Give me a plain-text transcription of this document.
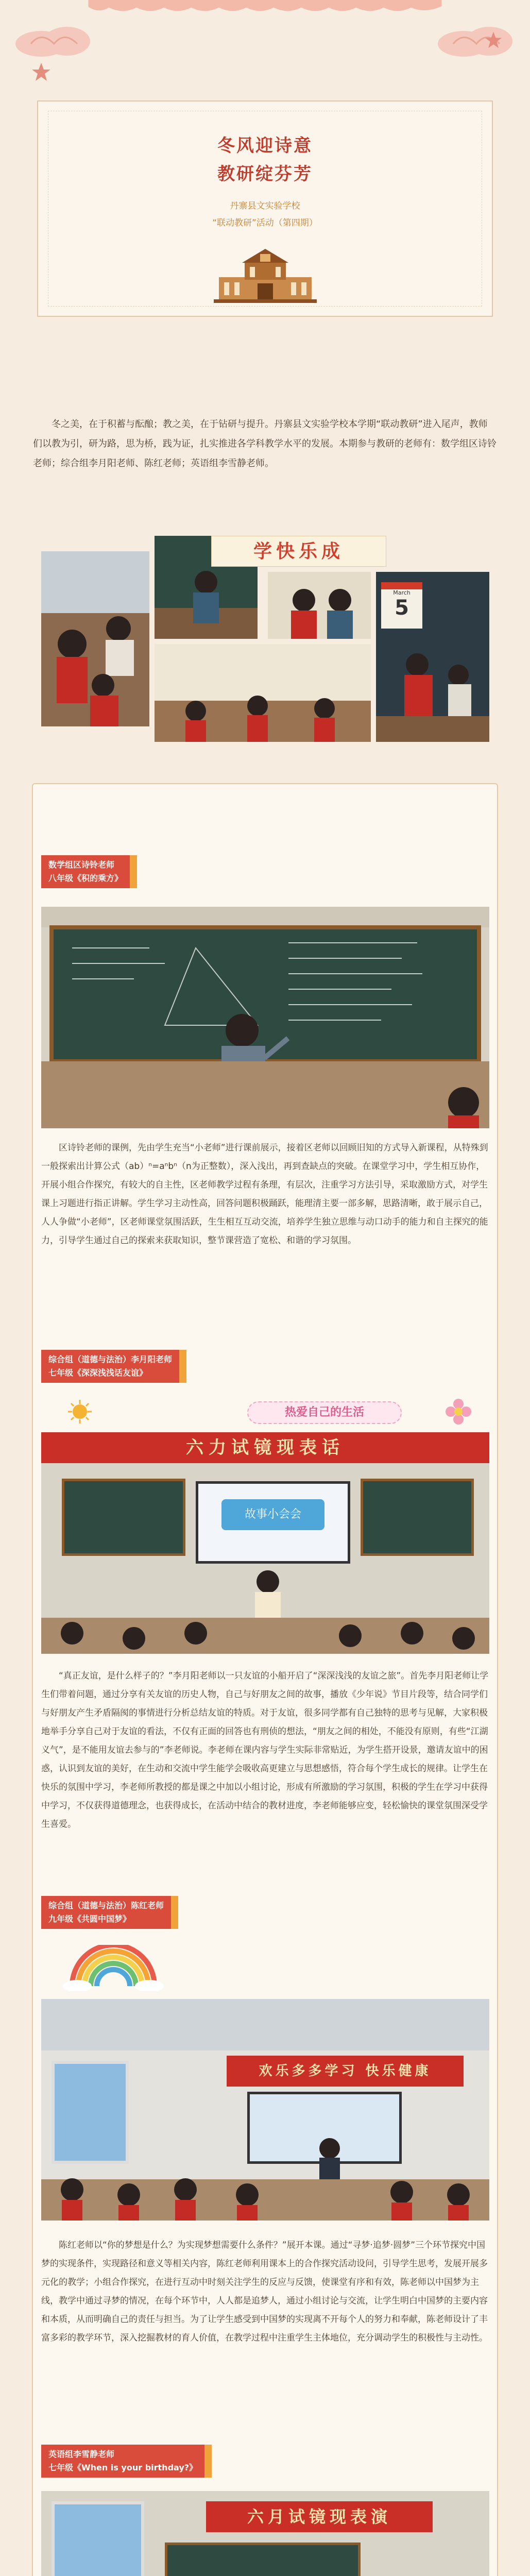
冬风迎诗意
教研绽芬芳
丹寨县文实验学校
“联动教研”活动（第四期）
冬之美，在于积蓄与酝酿；教之美，在于钻研与提升。丹寨县文实验学校本学期“联动教研”进入尾声，教师们以教为引，研为路，思为桥，践为证，扎实推进各学科教学水平的发展。本期参与教研的老师有：数学组区诗铃老师；综合组李月阳老师、陈红老师；英语组李雪静老师。
学快乐成
March
5
数学组区诗铃老师
八年级《积的乘方》
区诗铃老师的课例，先由学生充当“小老师”进行课前展示，接着区老师以回顾旧知的方式导入新课程，从特殊到一般探索出计算公式（ab）ⁿ=aⁿbⁿ（n为正整数），深入浅出，再到查缺点的突破。在课堂学习中，学生相互协作，开展小组合作探究，有较大的自主性，区老师教学过程有条理，有层次，注重学习方法引导，采取激励方式，对学生课上习题进行指正讲解。学生学习主动性高，回答问题积极踊跃，能理清主要一部多解，思路清晰，敢于展示自己，人人争做“小老师”，区老师课堂氛围活跃，生生相互互动交流，培养学生独立思维与动口动手的能力和自主探究的能力，引导学生通过自己的探索来获取知识，整节课营造了宽松、和谐的学习氛围。
综合组（道德与法治）李月阳老师
七年级《深深浅浅话友谊》
热爱自己的生活
六力试镜现表话
故事小会会
“真正友谊，是什么样子的？”李月阳老师以一只友谊的小船开启了“深深浅浅的友谊之旅”。首先李月阳老师让学生们带着问题，通过分享有关友谊的历史人物，自己与好朋友之间的故事，播放《少年说》节目片段等，结合同学们与好朋友产生矛盾隔阂的事情进行分析总结友谊的特质。对于友谊，很多同学都有自己独特的思考与见解，大家积极地举手分享自己对于友谊的看法，不仅有正面的回答也有刑侦的想法，“朋友之间的相处，不能没有原则，有些“江湖义气”，是不能用友谊去参与的”李老师说。李老师在课内容与学生实际非常贴近，为学生搭开设景，邀请友谊中的困惑，认识到友谊的美好，在生动和交流中学生能学会吸收高更建立与思想感悟，符合每个学生成长的规律。让学生在快乐的氛围中学习，李老师所教授的都是课之中加以小组讨论，形成有所激励的学习氛围，积极的学生在学习中获得中学习，不仅获得道德理念，也获得成长，在活动中结合的教材进度，李老师能够应变，轻松愉快的课堂氛围深受学生喜爱。
综合组（道德与法治）陈红老师
九年级《共圆中国梦》
欢乐多多学习 快乐健康
陈红老师以“你的梦想是什么？为实现梦想需要什么条件？”展开本课。通过“寻梦·追梦·圆梦”三个环节探究中国梦的实现条件，实现路径和意义等相关内容，陈红老师利用课本上的合作探究活动设问，引导学生思考，发展开展多元化的教学；小组合作探究，在进行互动中时刻关注学生的反应与反馈，使课堂有序和有效，陈老师以中国梦为主线，教学中通过寻梦的情况，在每个环节中，人人都是追梦人，通过小组讨论与交流，让学生明白中国梦的主要内容和本质，从而明确自己的责任与担当。为了让学生感受到中国梦的实现离不开每个人的努力和奉献，陈老师设计了丰富多彩的教学环节，深入挖掘教材的育人价值，在教学过程中注重学生主体地位，充分调动学生的积极性与主动性。
英语组李雪静老师
七年级《When is your birthday?》
六月试镜现表演
